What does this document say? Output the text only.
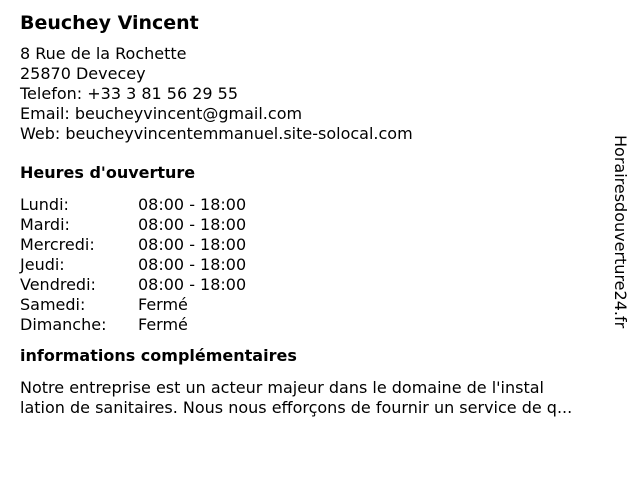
Beuchey Vincent
8 Rue de la Rochette
25870 Devecey
Telefon: +33 3 81 56 29 55
Email: beucheyvincent@gmail.com
Web: beucheyvincentemmanuel.site-solocal.com
Heures d'ouverture
Lundi:	08:00 - 18:00
Mardi:	08:00 - 18:00
Mercredi:	08:00 - 18:00
Jeudi:	08:00 - 18:00
Vendredi:	08:00 - 18:00
Samedi:	Fermé
Dimanche:	Fermé
informations complémentaires
Notre entreprise est un acteur majeur dans le domaine de l'instal
lation de sanitaires. Nous nous efforçons de fournir un service de q...
Horairesdouverture24.fr
